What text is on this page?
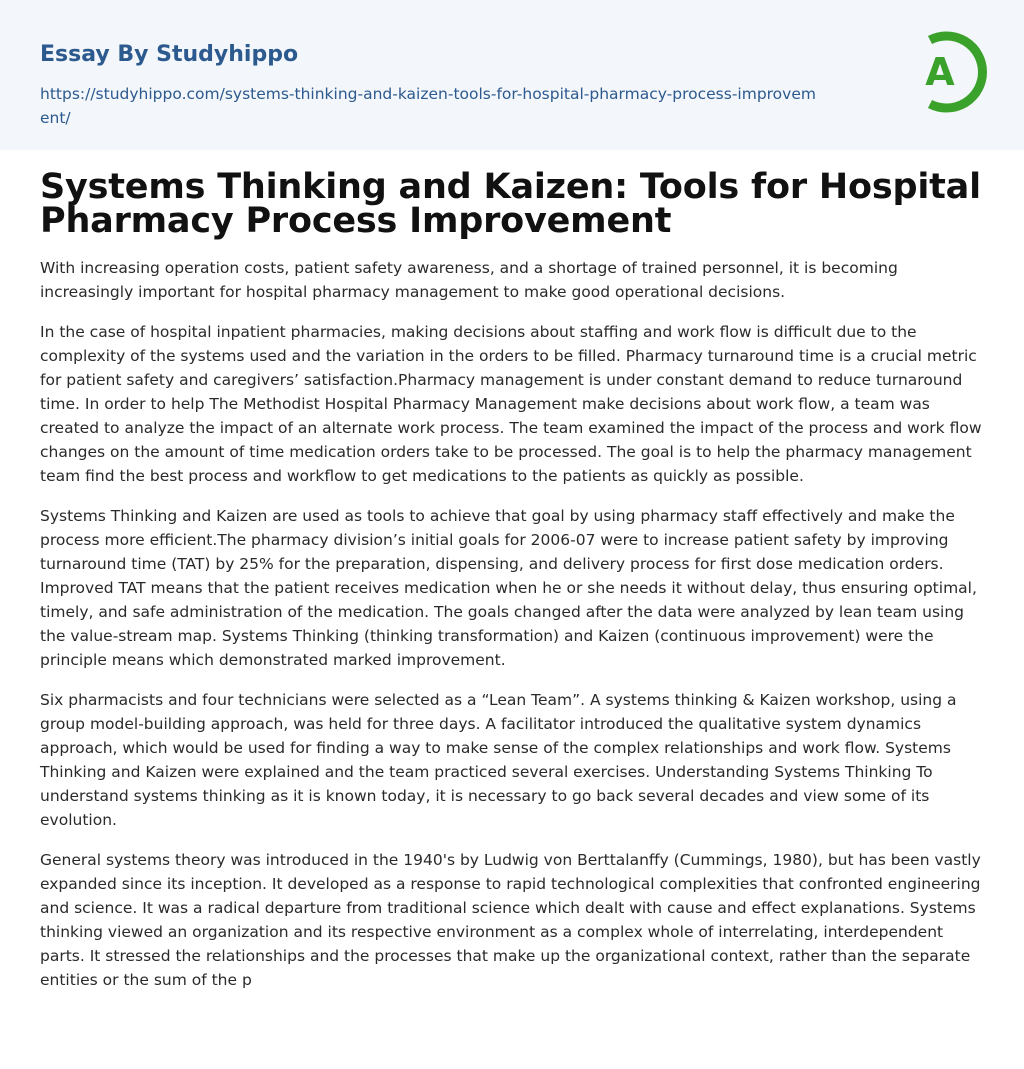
Essay By Studyhippo
https://studyhippo.com/systems-thinking-and-kaizen-tools-for-hospital-pharmacy-process-improvement/
A
Systems Thinking and Kaizen: Tools for Hospital Pharmacy Process Improvement

With increasing operation costs, patient safety awareness, and a shortage of trained personnel, it is becoming increasingly important for hospital pharmacy management to make good operational decisions.

In the case of hospital inpatient pharmacies, making decisions about staffing and work flow is difficult due to the complexity of the systems used and the variation in the orders to be filled. Pharmacy turnaround time is a crucial metric for patient safety and caregivers’ satisfaction.Pharmacy management is under constant demand to reduce turnaround time. In order to help The Methodist Hospital Pharmacy Management make decisions about work flow, a team was created to analyze the impact of an alternate work process. The team examined the impact of the process and work flow changes on the amount of time medication orders take to be processed. The goal is to help the pharmacy management team find the best process and workflow to get medications to the patients as quickly as possible.

Systems Thinking and Kaizen are used as tools to achieve that goal by using pharmacy staff effectively and make the process more efficient.The pharmacy division’s initial goals for 2006-07 were to increase patient safety by improving turnaround time (TAT) by 25% for the preparation, dispensing, and delivery process for first dose medication orders. Improved TAT means that the patient receives medication when he or she needs it without delay, thus ensuring optimal, timely, and safe administration of the medication. The goals changed after the data were analyzed by lean team using the value-stream map. Systems Thinking (thinking transformation) and Kaizen (continuous improvement) were the principle means which demonstrated marked improvement.

Six pharmacists and four technicians were selected as a “Lean Team”. A systems thinking & Kaizen workshop, using a group model-building approach, was held for three days. A facilitator introduced the qualitative system dynamics approach, which would be used for finding a way to make sense of the complex relationships and work flow. Systems Thinking and Kaizen were explained and the team practiced several exercises. Understanding Systems Thinking To understand systems thinking as it is known today, it is necessary to go back several decades and view some of its evolution.

General systems theory was introduced in the 1940's by Ludwig von Berttalanffy (Cummings, 1980), but has been vastly expanded since its inception. It developed as a response to rapid technological complexities that confronted engineering and science. It was a radical departure from traditional science which dealt with cause and effect explanations. Systems thinking viewed an organization and its respective environment as a complex whole of interrelating, interdependent parts. It stressed the relationships and the processes that make up the organizational context, rather than the separate entities or the sum of the p
